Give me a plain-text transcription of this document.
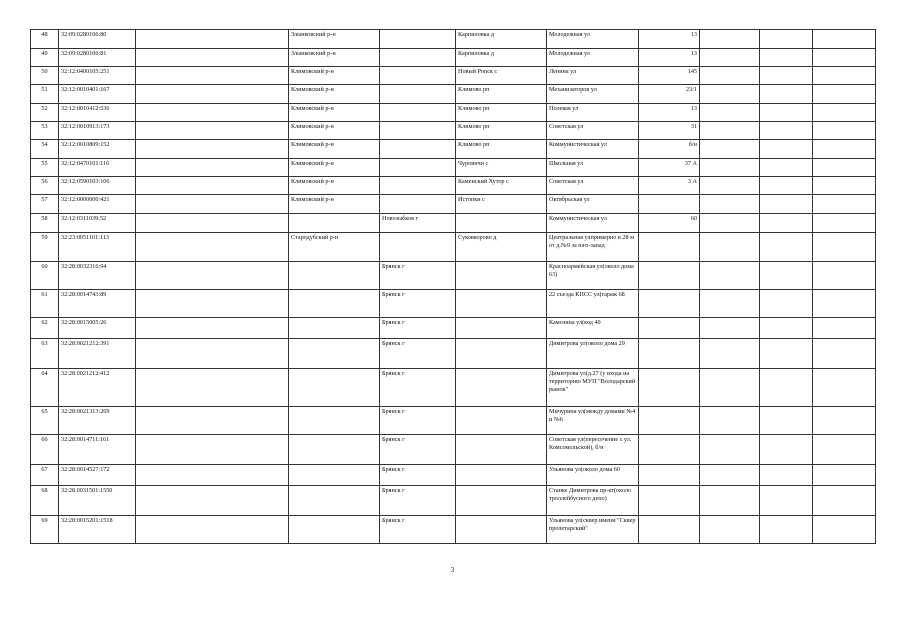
48	32:09:0280106:80		Злынковский р-н		Карпиловка д	Молодежная ул	13			
49	32:09:0280106:81		Злынковский р-н		Карпиловка д	Молодежная ул	13			
50	32:12:0400105:251		Климовский р-н		Новый Ропск с	Ленина ул	145			
51	32:12:0010401:167		Климовский р-н		Климово рп	Механизаторов ул	23/1			
52	32:12:0010412:536		Климовский р-н		Климово рп	Полевая ул	13			
53	32:12:0010913:173		Климовский р-н		Климово рп	Советская ул	31			
54	32:12:0010809:152		Климовский р-н		Климово рп	Коммунистическая ул	б/н			
55	32:12:0470101:116		Климовский р-н		Чуровичи с	Школьная ул	37 А			
56	32:12:0590103:106		Климовский р-н		Каменский Хутор с	Советская ул	3 А			
57	32:12:0000000:421		Климовский р-н		Истопки с	Октябрьская ул				
58	32:12:0311039:52			Новозыбков г		Коммунистическая ул	60			
59	32:23:0051101:113		Стародубский р-н		Суковкорово д	Центральная улпримерно в 28 м от д.№9 за юго-запад				
60	32:28:0032316:94			Брянск г		Красноармейская ул(около дома 63)				
61	32:28:0014743:89			Брянск г		22 съезда КПСС ул(гараж 68				
62	32:28:0015005:26			Брянск г		Камозина ул(код 40				
63	32:28:0021212:391			Брянск г		Димитрова ул(около дома 29				
64	32:28.0021212:412			Брянск г		Димитрова ул(д.27 (у входа на территорию МУП "Володарский рынок"				
65	32:28:0021313:269			Брянск г		Мичурина ул(между домами №4 и №6				
66	32:28:0014711:161			Брянск г		Советская ул(пересечение с ул. Комсомольской), б/н				
67	32:28:0014527:172			Брянск г		Ульянова ул(около дома 60				
68	32:28.0031501:1550			Брянск г		Станке Димитрова пр-кт(около троллейбусного депо)				
69	32:28:0015201:1518			Брянск г		Ульянова ул(сквер имени "Сквер пролетарский"				
3
